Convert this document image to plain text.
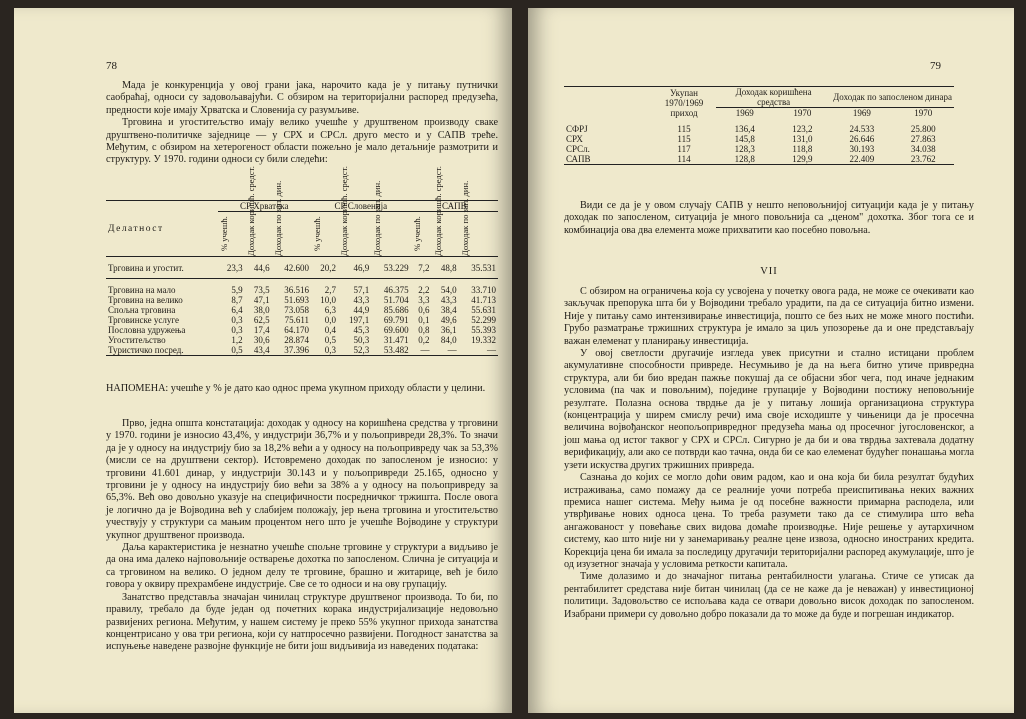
78

Мада је конкуренција у овој грани јака, нарочито када је у питању путнички саобраћај, односи су задовољавајући. С обзиром на територијални распоред предузећа, предности које имају Хрватска и Словенија су разумљиве.

Трговина и угоститељство имају велико учешће у друштвеном производу сваке друштвено-политичке заједнице — у СРХ и СРСл. друго место и у САПВ треће. Међутим, с обзиром на хетерогеност области пожељно је мало детаљније размотрити и структуру. У 1970. години односи су били следећи:

Делатност	СР Хрватска			СР Словенија			САПВ		

	% учешћ.	Доходак коришћ. средст.	Доходак по зап. дин.	% учешћ.	Доходак коришћ. средст.	Доходак по зап. дин.	% учешћ.	Доходак коришћ. средст.	Доходак по зап. дин.

Трговина и угостит.	23,3	44,6	42.600	20,2	46,9	53.229	7,2	48,8	35.531

Трговина на мало	5,9	73,5	36.516	2,7	57,1	46.375	2,2	54,0	33.710
Трговина на велико	8,7	47,1	51.693	10,0	43,3	51.704	3,3	43,3	41.713
Спољна трговина	6,4	38,0	73.058	6,3	44,9	85.686	0,6	38,4	55.631
Трговинске услуге	0,3	62,5	75.611	0,0	197,1	69.791	0,1	49,6	52.299
Пословна удружења	0,3	17,4	64.170	0,4	45,3	69.600	0,8	36,1	55.393
Угоститељство	1,2	30,6	28.874	0,5	50,3	31.471	0,2	84,0	19.332
Туристичко посред.	0,5	43,4	37.396	0,3	52,3	53.482	—	—	—

НАПОМЕНА: учешће у % је дато као однос према укупном приходу области у целини.

Прво, једна општа констатација: доходак у односу на коришћена средства у трговини у 1970. години је износио 43,4%, у индустрији 36,7% и у пољопривреди 28,3%. То значи да је у односу на индустрију био за 18,2% већи а у односу на пољопривреду чак за 53,3% (мисли се на друштвени сектор). Истовремено доходак по запосленом је износио: у трговини 41.601 динар, у индустрији 30.143 и у пољопривреди 25.165, односно у трговини је у односу на индустрију био већи за 38% а у односу на пољопривреду за 65,3%. Већ ово довољно указује на специфичности посредничког тржишта. После овога је логично да је Војводина већ у слабијем положају, јер њена трговина и угоститељство учествују у структури са мањим процентом него што је учешће Војводине у структури укупног друштвеног производа.

Даља карактеристика је незнатно учешће спољне трговине у структури а видљиво је да она има далеко најповољније остварење дохотка по запосленом. Слична је ситуација и са трговином на велико. О једном делу те трговине, брашно и житарице, већ је било говора у оквиру прехрамбене индустрије. Све се то односи и на ову групацију.

Занатство представља значајан чинилац структуре друштвеног производа. То би, по правилу, требало да буде један од почетних корака индустријализације недовољно развијених региона. Међутим, у нашем систему је преко 55% укупног прихода занатства концентрисано у ова три региона, који су натпросечно развијени. Погодност занатства за испуњење наведене развојне функције не бити још видљивија из наведених података:

79
	Укупан 1970/1969 приход	Доходак коришћена средства		Доходак по запосленом динара	
		1969	1970	1969	1970
СФРЈ	115	136,4	123,2	24.533	25.800
СРХ	115	145,8	131,0	26.646	27.863
СРСл.	117	128,3	118,8	30.193	34.038
САПВ	114	128,8	129,9	22.409	23.762

Види се да је у овом случају САПВ у нешто неповољнијој ситуацији када је у питању доходак по запосленом, ситуација је много повољнија са „ценом" дохотка. Због тога се и комбинација ова два елемента може прихватити као посебно повољна.

VII

С обзиром на ограничења која су усвојена у почетку овога рада, не може се очекивати као закључак препорука шта би у Војводини требало урадити, па да се ситуација битно измени. Није у питању само интензивирање инвестиција, пошто се без њих не може много постићи. Грубо разматрање тржишних структура је имало за циљ упозорење да и оне представљају важан елеменат у планирању инвестиција.

У овој светлости другачије изгледа увек присутни и стално истицани проблем акумулативне способности привреде. Несумњиво је да на њега битно утиче привредна структура, али би био вредан пажње покушај да се објасни због чега, под иначе једнаким условима (па чак и повољним), поједине групације у Војводини постижу неповољније резултате. Полазна основа тврдње да је у питању лошија организациона структура (концентрација у ширем смислу речи) има своје исходиште у чињеници да је просечна величина војвођанског неопољопривредног предузећа мања од просечног југословенског, а још мања од истог таквог у СРХ и СРСл. Сигурно је да би и ова тврдња захтевала додатну верификацију, али ако се потврди као тачна, онда би се као елеменат будућег понашања могла узети искуства других тржишних привреда.

Сазнања до којих се могло доћи овим радом, као и она која би била резултат будућих истраживања, само помажу да се реалније уочи потреба преиспитивања неких важних премиса нашег система. Међу њима је од посебне важности примарна расподела, или утврђивање нових односа цена. То треба разумети тако да се стимулира што већа ангажованост у повећање свих видова домаће производње. Није решење у аутархичном систему, као што није ни у занемаривању реалне цене извоза, односно иностраних кредита. Корекција цена би имала за последицу другачији територијални распоред акумулације, што је од изузетног значаја у условима реткости капитала.

Тиме долазимо и до значајног питања рентабилности улагања. Стиче се утисак да рентабилитет средстава није битан чинилац (да се не каже да је неважан) у инвестиционој политици. Задовољство се испољава када се отвари довољно висок доходак по запосленом. Изабрани примери су довољно добро показали да то може да буде и погрешан индикатор.
